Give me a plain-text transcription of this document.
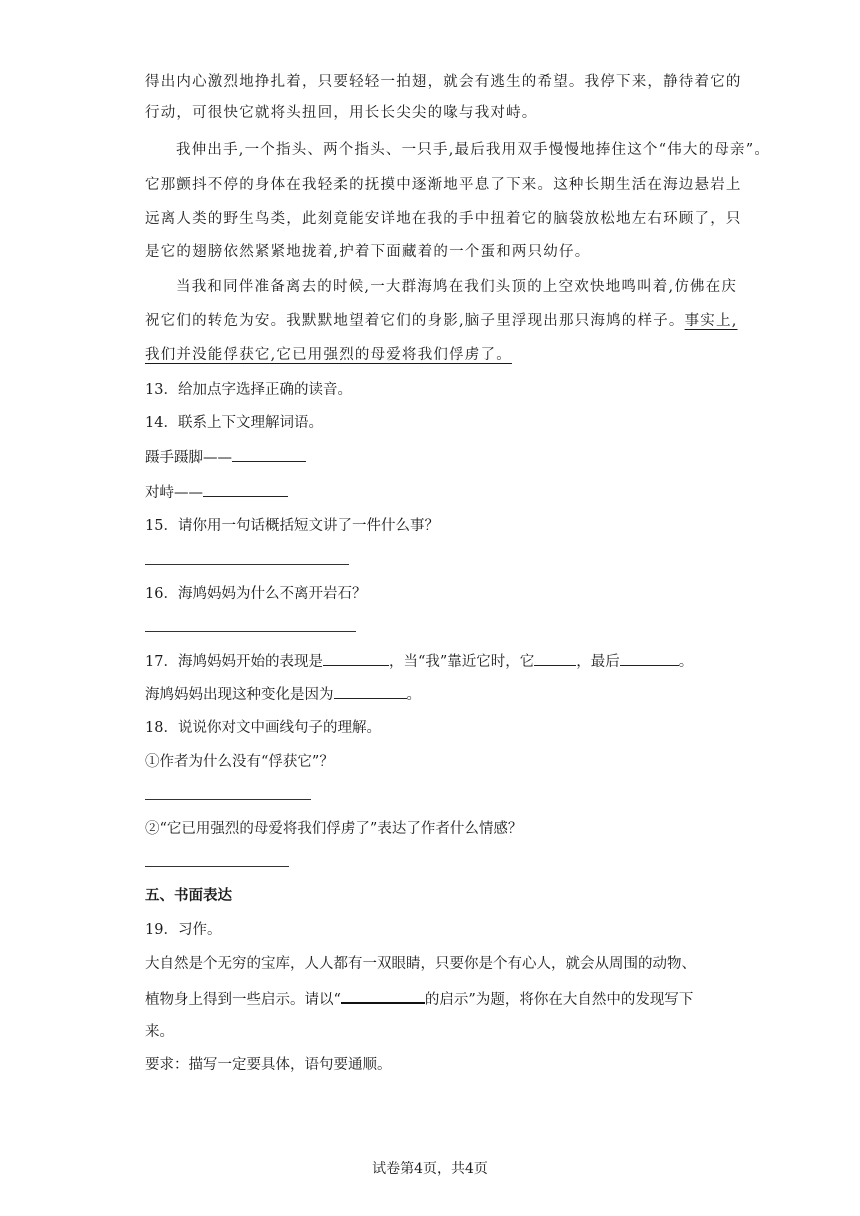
得出内心激烈地挣扎着，只要轻轻一拍翅，就会有逃生的希望。我停下来，静待着它的
行动，可很快它就将头扭回，用长长尖尖的喙与我对峙。
我伸出手,一个指头、两个指头、一只手,最后我用双手慢慢地捧住这个“伟大的母亲”。
它那颤抖不停的身体在我轻柔的抚摸中逐渐地平息了下来。这种长期生活在海边悬岩上
远离人类的野生鸟类，此刻竟能安详地在我的手中扭着它的脑袋放松地左右环顾了，只
是它的翅膀依然紧紧地拢着,护着下面藏着的一个蛋和两只幼仔。
当我和同伴准备离去的时候,一大群海鸠在我们头顶的上空欢快地鸣叫着,仿佛在庆
祝它们的转危为安。我默默地望着它们的身影,脑子里浮现出那只海鸠的样子。事实上,
我们并没能俘获它,它已用强烈的母爱将我们俘虏了。
13．给加点字选择正确的读音。
14．联系上下文理解词语。
蹑手蹑脚——
对峙——
15．请你用一句话概括短文讲了一件什么事？
16．海鸠妈妈为什么不离开岩石？
17．海鸠妈妈开始的表现是	，当“我”靠近它时，它	，最后	。
海鸠妈妈出现这种变化是因为	。
18．说说你对文中画线句子的理解。
①作者为什么没有“俘获它”？
②“它已用强烈的母爱将我们俘虏了”表达了作者什么情感？
五、书面表达
19．习作。
大自然是个无穷的宝库，人人都有一双眼睛，只要你是个有心人，就会从周围的动物、
植物身上得到一些启示。请以“	的启示”为题，将你在大自然中的发现写下
来。
要求：描写一定要具体，语句要通顺。
试卷第4页，共4页
